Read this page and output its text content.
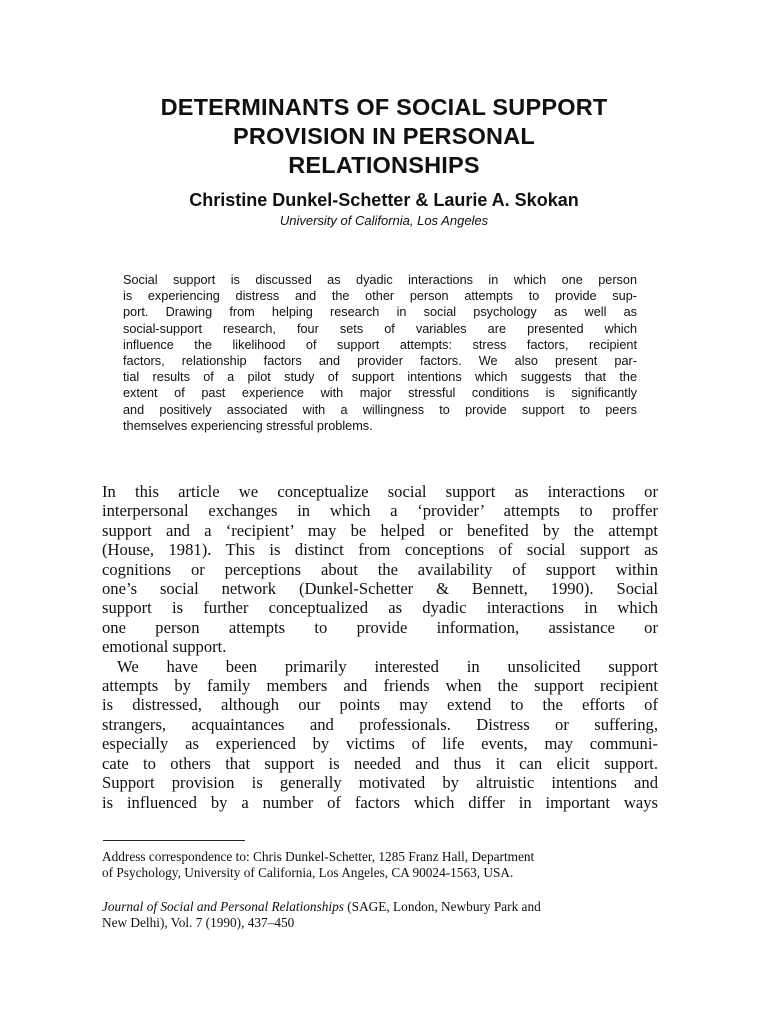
DETERMINANTS OF SOCIAL SUPPORT
PROVISION IN PERSONAL
RELATIONSHIPS

Christine Dunkel-Schetter & Laurie A. Skokan

University of California, Los Angeles

Social support is discussed as dyadic interactions in which one person
is experiencing distress and the other person attempts to provide sup-
port. Drawing from helping research in social psychology as well as
social-support research, four sets of variables are presented which
influence the likelihood of support attempts: stress factors, recipient
factors, relationship factors and provider factors. We also present par-
tial results of a pilot study of support intentions which suggests that the
extent of past experience with major stressful conditions is significantly
and positively associated with a willingness to provide support to peers
themselves experiencing stressful problems.
In this article we conceptualize social support as interactions or
interpersonal exchanges in which a ‘provider’ attempts to proffer
support and a ‘recipient’ may be helped or benefited by the attempt
(House, 1981). This is distinct from conceptions of social support as
cognitions or perceptions about the availability of support within
one’s social network (Dunkel-Schetter & Bennett, 1990). Social
support is further conceptualized as dyadic interactions in which
one person attempts to provide information, assistance or
emotional support.
We have been primarily interested in unsolicited support
attempts by family members and friends when the support recipient
is distressed, although our points may extend to the efforts of
strangers, acquaintances and professionals. Distress or suffering,
especially as experienced by victims of life events, may communi-
cate to others that support is needed and thus it can elicit support.
Support provision is generally motivated by altruistic intentions and
is influenced by a number of factors which differ in important ways
Address correspondence to: Chris Dunkel-Schetter, 1285 Franz Hall, Department
of Psychology, University of California, Los Angeles, CA 90024-1563, USA.
Journal of Social and Personal Relationships (SAGE, London, Newbury Park and
New Delhi), Vol. 7 (1990), 437–450
